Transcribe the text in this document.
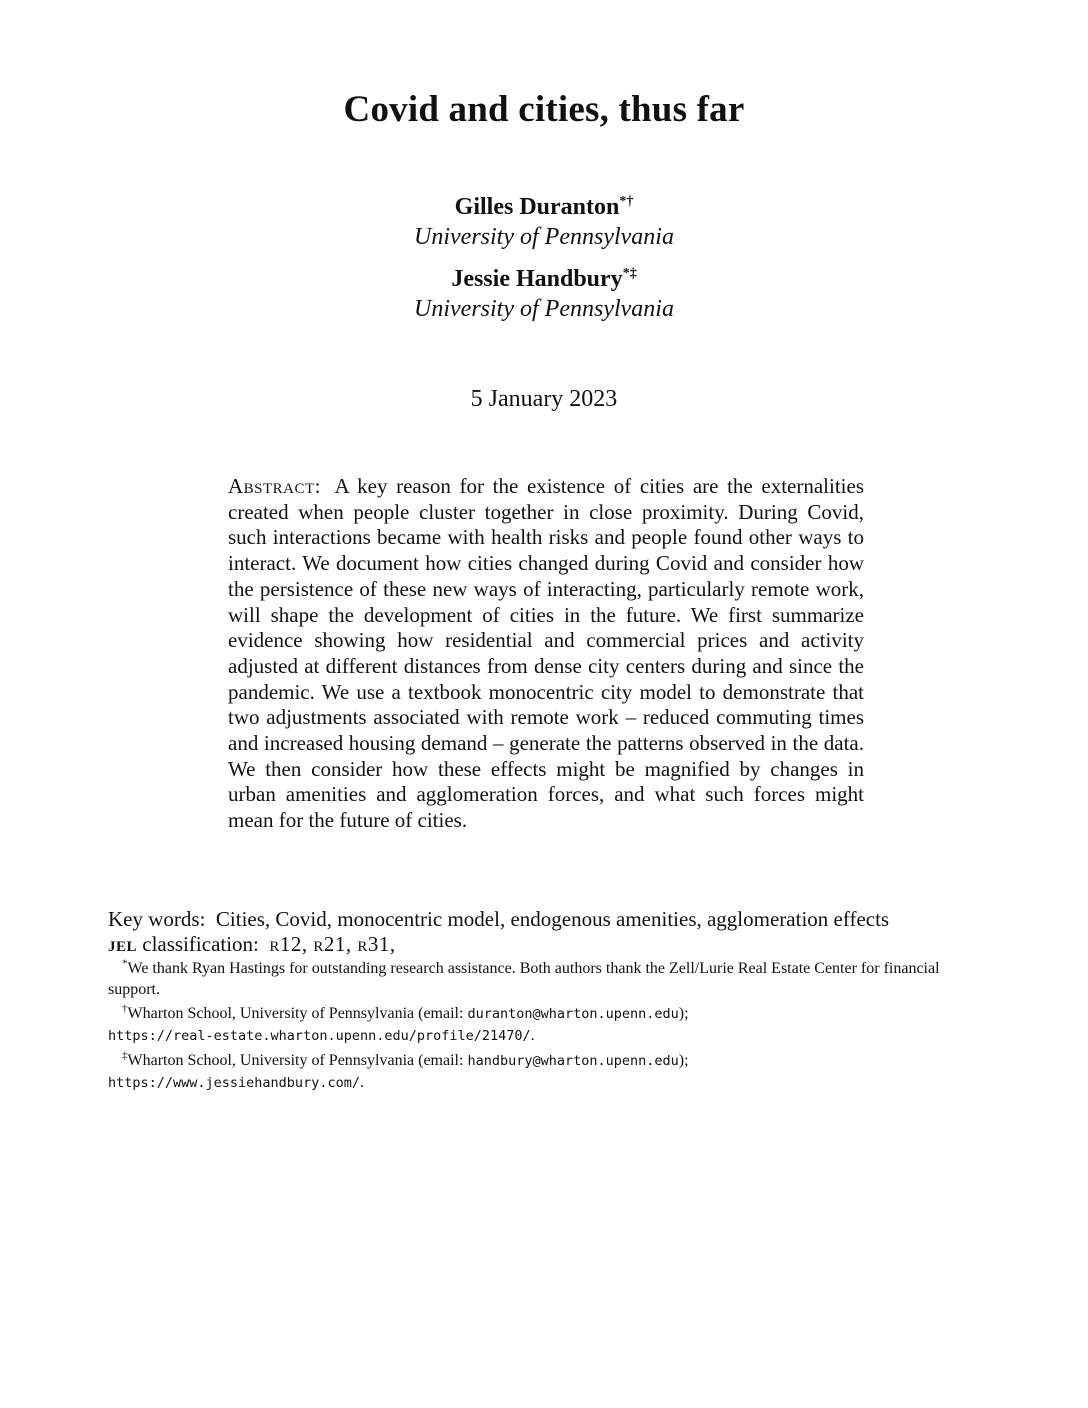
Covid and cities, thus far
Gilles Duranton*†
University of Pennsylvania
Jessie Handbury*‡
University of Pennsylvania
5 January 2023
Abstract: A key reason for the existence of cities are the externalities created when people cluster together in close proximity. During Covid, such interactions became with health risks and people found other ways to interact. We document how cities changed during Covid and consider how the persistence of these new ways of interacting, particularly remote work, will shape the development of cities in the future. We first summarize evidence showing how residential and commercial prices and activity adjusted at different distances from dense city centers during and since the pandemic. We use a textbook monocentric city model to demonstrate that two adjustments associated with remote work – reduced commuting times and increased housing demand – generate the patterns observed in the data. We then consider how these effects might be magnified by changes in urban amenities and agglomeration forces, and what such forces might mean for the future of cities.
Key words: Cities, Covid, monocentric model, endogenous amenities, agglomeration effects
jel classification: r12, r21, r31,
*We thank Ryan Hastings for outstanding research assistance. Both authors thank the Zell/Lurie Real Estate Center for financial support.
†Wharton School, University of Pennsylvania (email: duranton@wharton.upenn.edu);
https://real-estate.wharton.upenn.edu/profile/21470/.
‡Wharton School, University of Pennsylvania (email: handbury@wharton.upenn.edu);
https://www.jessiehandbury.com/.
